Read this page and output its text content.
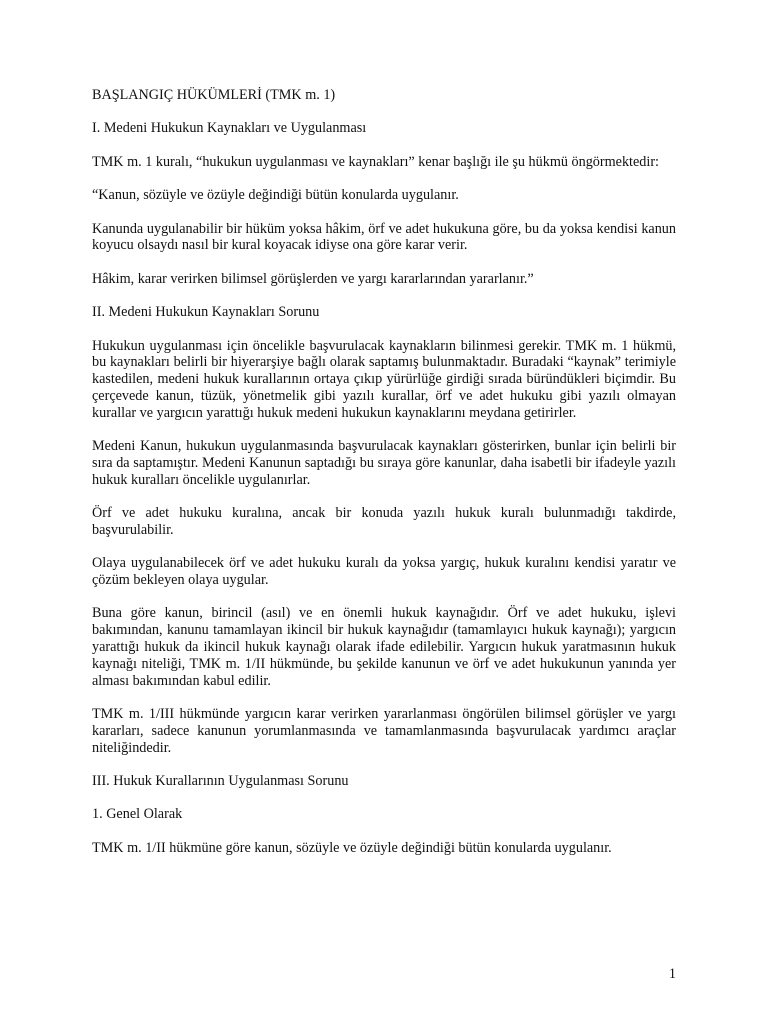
BAŞLANGIÇ HÜKÜMLERİ (TMK m. 1)

I. Medeni Hukukun Kaynakları ve Uygulanması

TMK m. 1 kuralı, “hukukun uygulanması ve kaynakları” kenar başlığı ile şu hükmü öngörmektedir:

“Kanun, sözüyle ve özüyle değindiği bütün konularda uygulanır.

Kanunda uygulanabilir bir hüküm yoksa hâkim, örf ve adet hukukuna göre, bu da yoksa kendisi kanun koyucu olsaydı nasıl bir kural koyacak idiyse ona göre karar verir.

Hâkim, karar verirken bilimsel görüşlerden ve yargı kararlarından yararlanır.”

II. Medeni Hukukun Kaynakları Sorunu

Hukukun uygulanması için öncelikle başvurulacak kaynakların bilinmesi gerekir. TMK m. 1 hükmü, bu kaynakları belirli bir hiyerarşiye bağlı olarak saptamış bulunmaktadır. Buradaki “kaynak” terimiyle kastedilen, medeni hukuk kurallarının ortaya çıkıp yürürlüğe girdiği sırada büründükleri biçimdir. Bu çerçevede kanun, tüzük, yönetmelik gibi yazılı kurallar, örf ve adet hukuku gibi yazılı olmayan kurallar ve yargıcın yarattığı hukuk medeni hukukun kaynaklarını meydana getirirler.

Medeni Kanun, hukukun uygulanmasında başvurulacak kaynakları gösterirken, bunlar için belirli bir sıra da saptamıştır. Medeni Kanunun saptadığı bu sıraya göre kanunlar, daha isabetli bir ifadeyle yazılı hukuk kuralları öncelikle uygulanırlar.

Örf ve adet hukuku kuralına, ancak bir konuda yazılı hukuk kuralı bulunmadığı takdirde, başvurulabilir.

Olaya uygulanabilecek örf ve adet hukuku kuralı da yoksa yargıç, hukuk kuralını kendisi yaratır ve çözüm bekleyen olaya uygular.

Buna göre kanun, birincil (asıl) ve en önemli hukuk kaynağıdır. Örf ve adet hukuku, işlevi bakımından, kanunu tamamlayan ikincil bir hukuk kaynağıdır (tamamlayıcı hukuk kaynağı); yargıcın yarattığı hukuk da ikincil hukuk kaynağı olarak ifade edilebilir. Yargıcın hukuk yaratmasının hukuk kaynağı niteliği, TMK m. 1/II hükmünde, bu şekilde kanunun ve örf ve adet hukukunun yanında yer alması bakımından kabul edilir.

TMK m. 1/III hükmünde yargıcın karar verirken yararlanması öngörülen bilimsel görüşler ve yargı kararları, sadece kanunun yorumlanmasında ve tamamlanmasında başvurulacak yardımcı araçlar niteliğindedir.

III. Hukuk Kurallarının Uygulanması Sorunu

1. Genel Olarak

TMK m. 1/II hükmüne göre kanun, sözüyle ve özüyle değindiği bütün konularda uygulanır.

1
